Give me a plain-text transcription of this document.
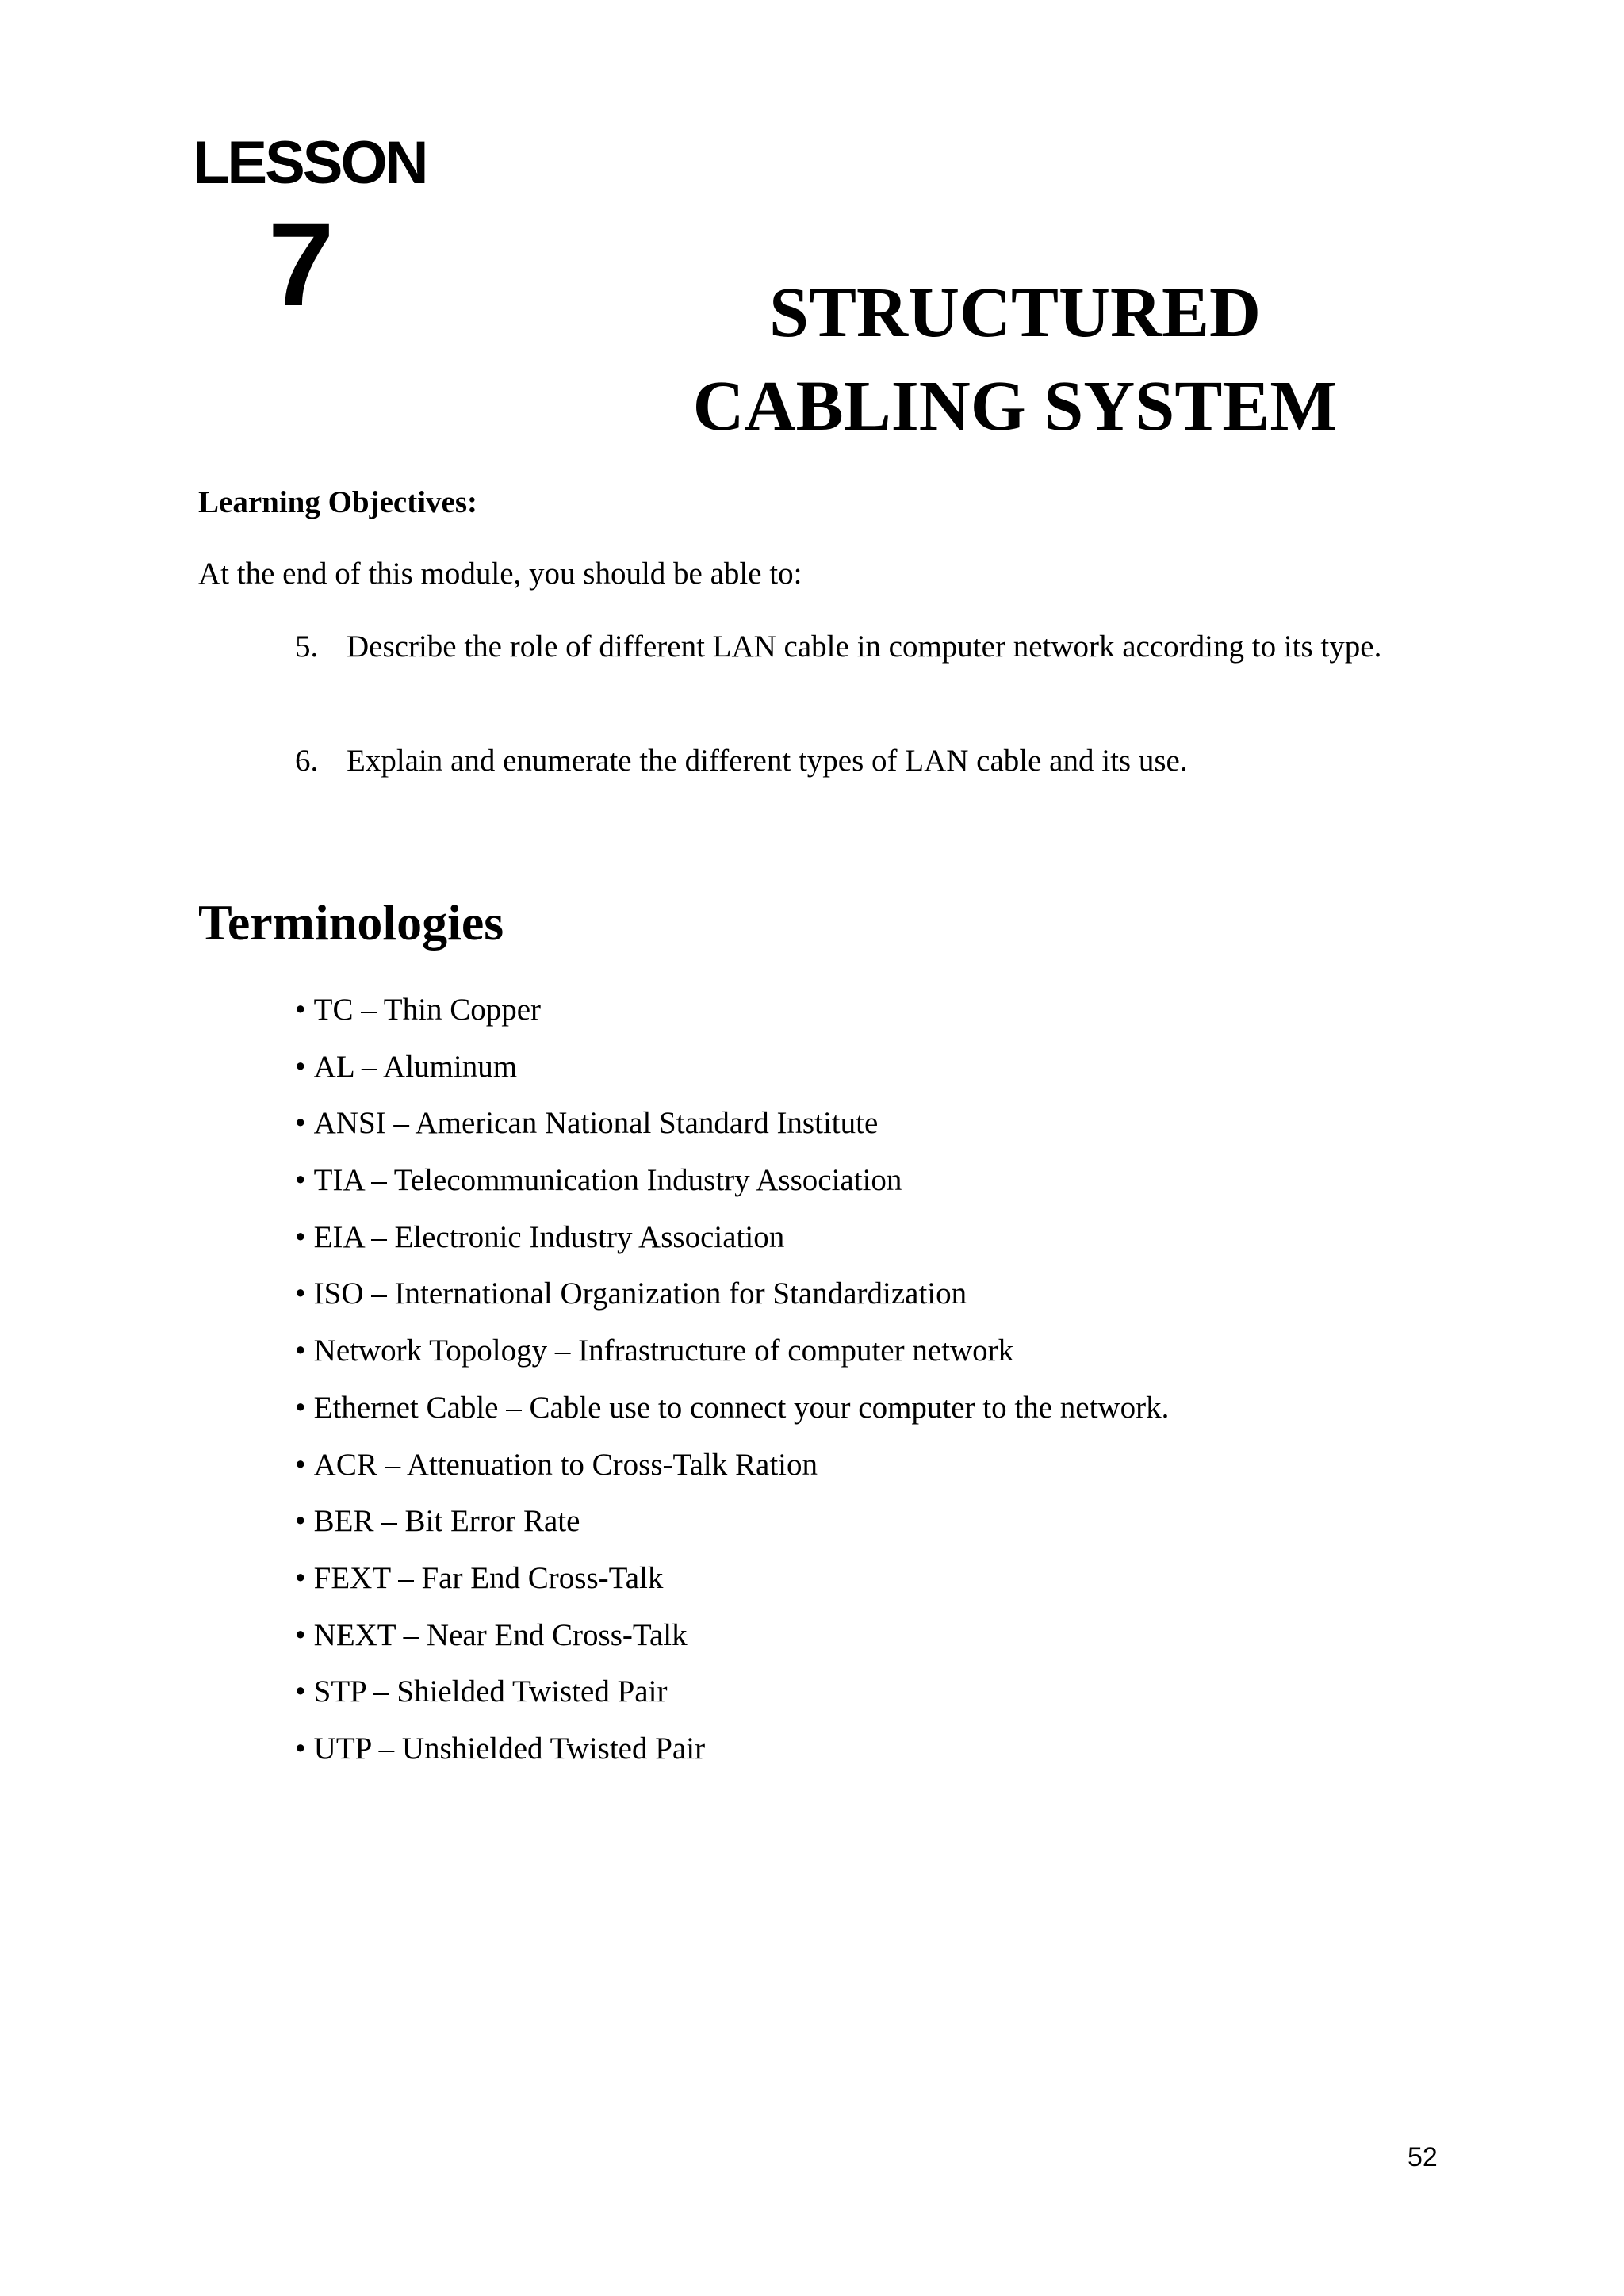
LESSON
7	STRUCTURED
CABLING SYSTEM
Learning Objectives:
At the end of this module, you should be able to:
5. Describe the role of different LAN cable in computer network according to its type.
6. Explain and enumerate the different types of LAN cable and its use.
Terminologies
• TC – Thin Copper
• AL – Aluminum
• ANSI – American National Standard Institute
• TIA – Telecommunication Industry Association
• EIA – Electronic Industry Association
• ISO – International Organization for Standardization
• Network Topology – Infrastructure of computer network
• Ethernet Cable – Cable use to connect your computer to the network.
• ACR – Attenuation to Cross-Talk Ration
• BER – Bit Error Rate
• FEXT – Far End Cross-Talk
• NEXT – Near End Cross-Talk
• STP – Shielded Twisted Pair
• UTP – Unshielded Twisted Pair
52
